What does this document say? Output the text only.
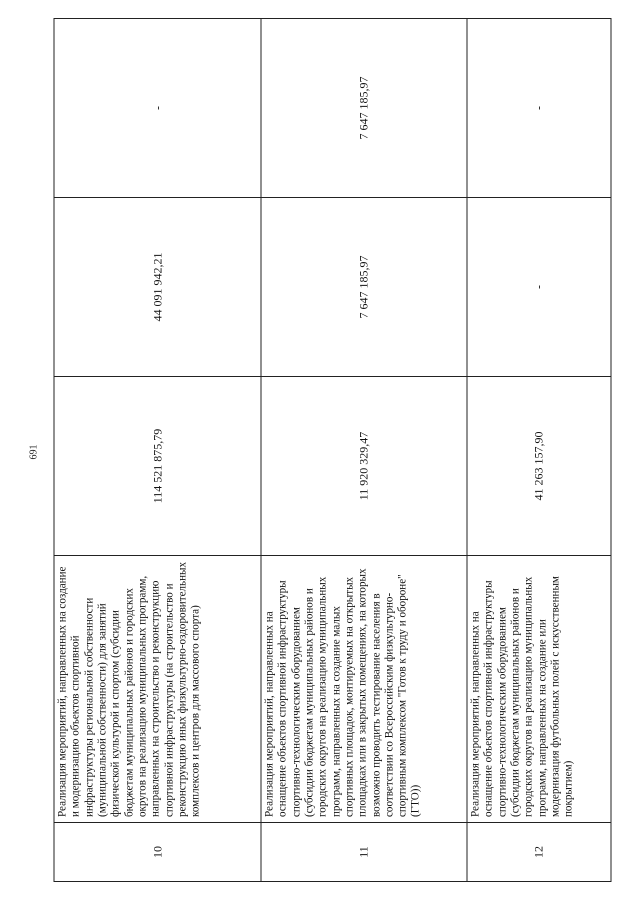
691
10	Реализация мероприятий, направленных на создание и модернизацию объектов спортивной инфраструктуры региональной собственности (муниципальной собственности) для занятий физической культурой и спортом (субсидии бюджетам муниципальных районов и городских округов на реализацию муниципальных программ, направленных на строительство и реконструкцию спортивной инфраструктуры (на строительство и реконструкцию иных физкультурно-оздоровительных комплексов и центров для массового спорта)	114 521 875,79	44 091 942,21	-
11	Реализация мероприятий, направленных на оснащение объектов спортивной инфраструктуры спортивно-технологическим оборудованием (субсидии бюджетам муниципальных районов и городских округов на реализацию муниципальных программ, направленных на создание малых спортивных площадок, монтируемых на открытых площадках или в закрытых помещениях, на которых возможно проводить тестирование населения в соответствии со Всероссийским физкультурно-спортивным комплексом "Готов к труду и обороне" (ГТО))	11 920 329,47	7 647 185,97	7 647 185,97
12	Реализация мероприятий, направленных на оснащение объектов спортивной инфраструктуры спортивно-технологическим оборудованием (субсидии бюджетам муниципальных районов и городских округов на реализацию муниципальных программ, направленных на создание или модернизация футбольных полей с искусственным покрытием)	41 263 157,90	-	-
